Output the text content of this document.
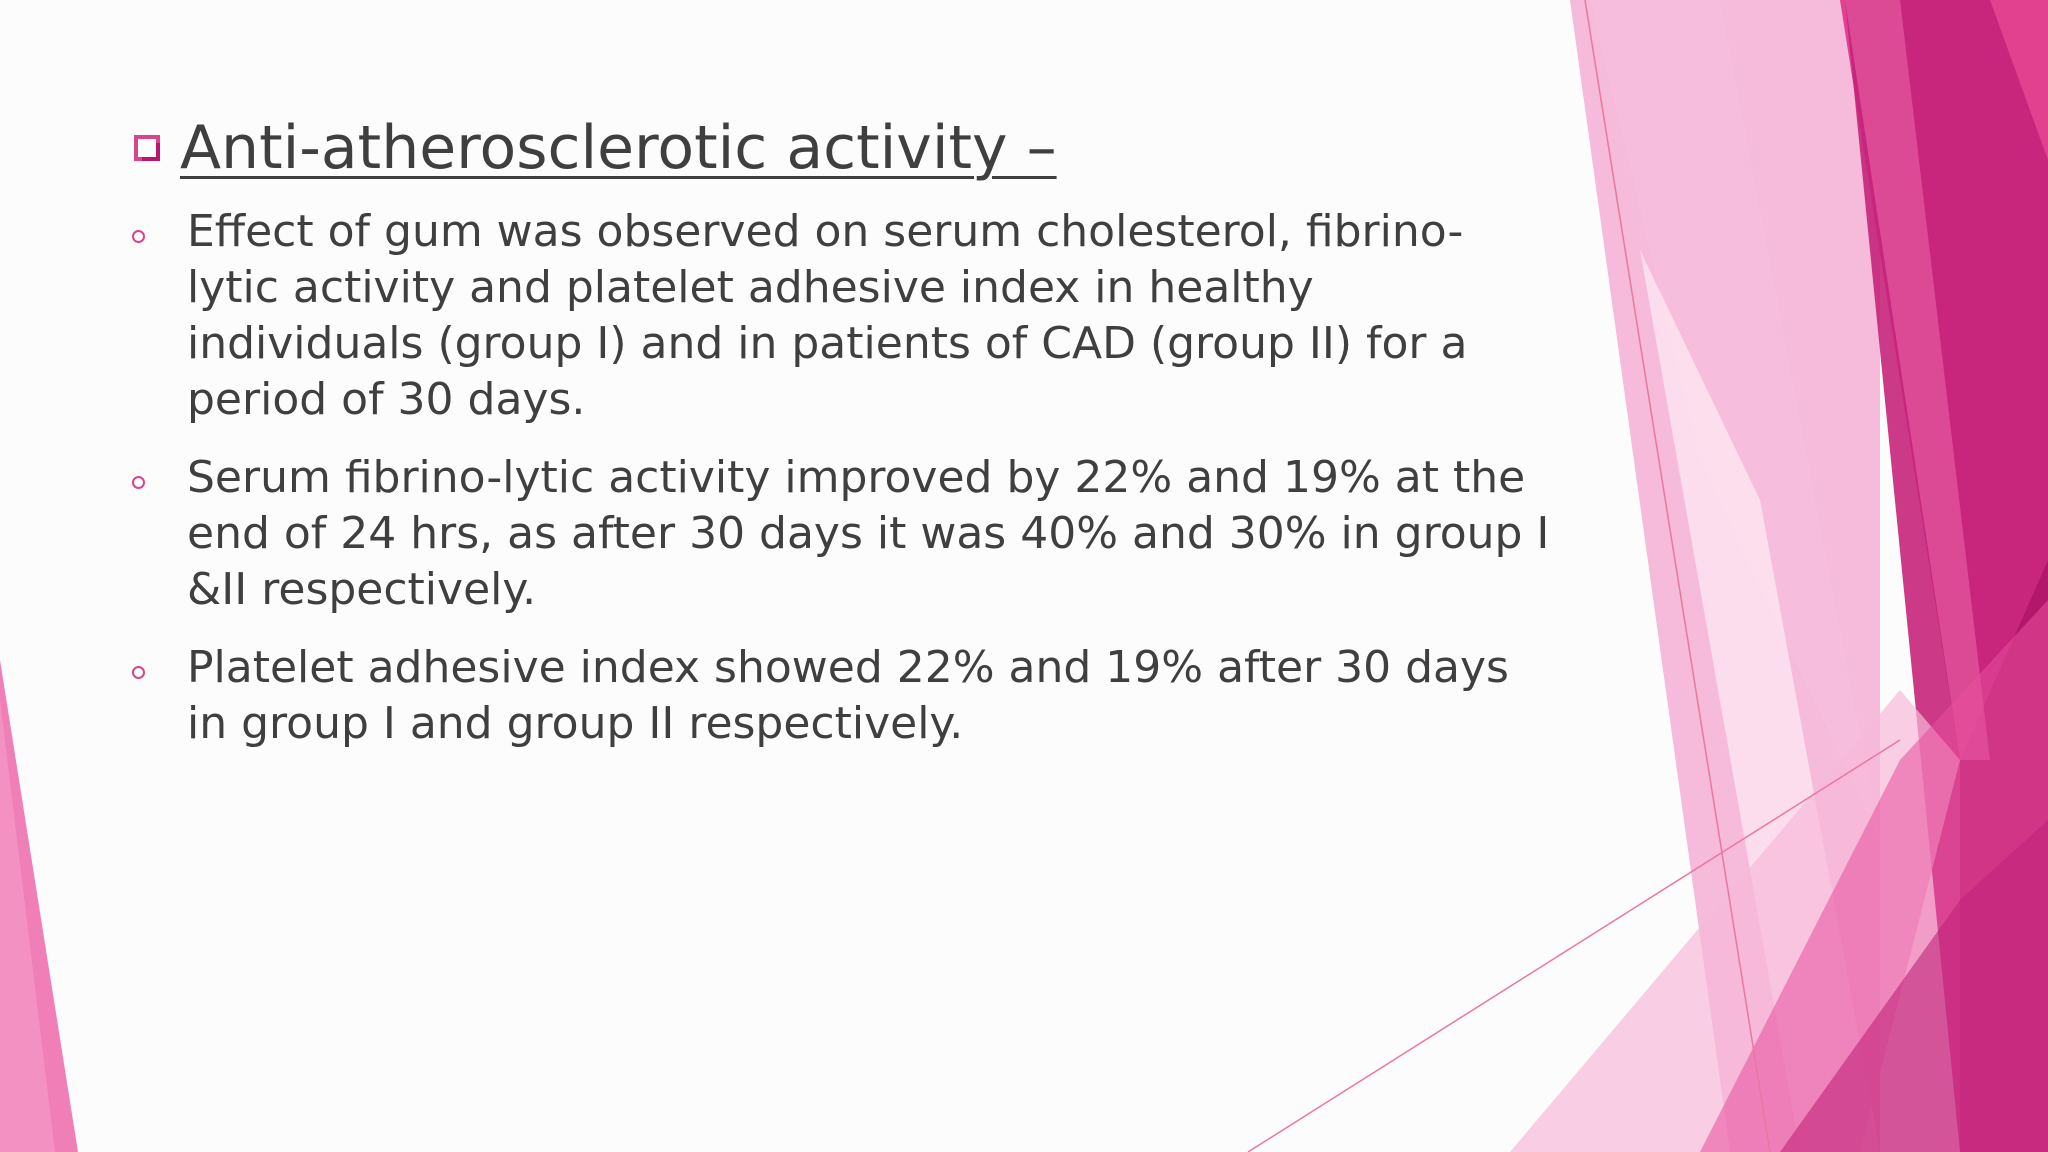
Anti-atherosclerotic activity –
Effect of gum was observed on serum cholesterol, fibrino-lytic activity and platelet adhesive index in healthy individuals (group I) and in patients of CAD (group II) for a period of 30 days.
Serum fibrino-lytic activity improved by 22% and 19% at the end of 24 hrs, as after 30 days it was 40% and 30% in group I &II respectively.
Platelet adhesive index showed 22% and 19% after 30 days in group I and group II respectively.
